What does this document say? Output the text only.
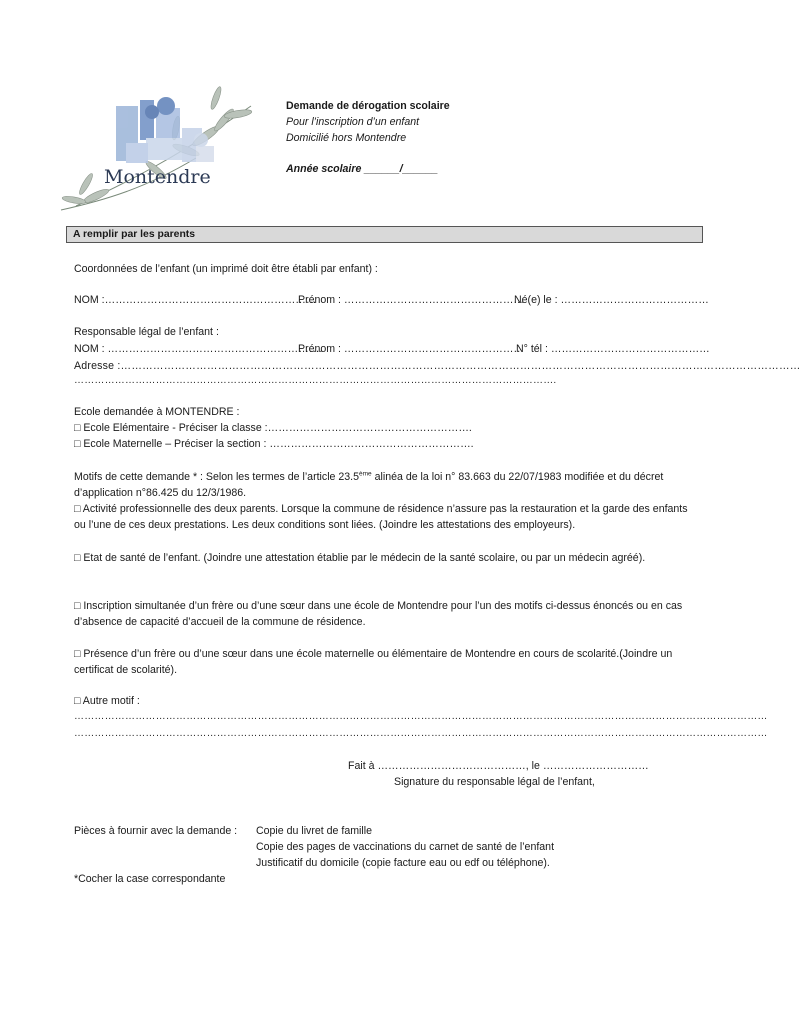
Montendre
Demande de dérogation scolaire
Pour l’inscription d’un enfant
Domicilié hors Montendre
Année scolaire ______/______
A remplir par les parents
Coordonnées de l’enfant (un imprimé doit être établi par enfant) :
NOM :……………………………………………………
Prénom : ……………………………………………
Né(e) le : ……………………………………
Responsable légal de l’enfant :
NOM : …………………………………………………….
Prénom : ……………………………………………
N° tél : ………………………………………
Adresse :………………………………………………………………………………………………………………………………………………………………………
…………………………………………………………………………………………………………………………….
Ecole demandée à MONTENDRE :
□ Ecole Elémentaire - Préciser la classe :………………………………………………….
□ Ecole Maternelle – Préciser la section : ………………………………………………….
Motifs de cette demande * : Selon les termes de l’article 23.5ème alinéa de la loi n° 83.663 du 22/07/1983 modifiée et du décret d’application n°86.425 du 12/3/1986.
□ Activité professionnelle des deux parents. Lorsque la commune de résidence n’assure pas la restauration et la garde des enfants ou l’une de ces deux prestations. Les deux conditions sont liées. (Joindre les attestations des employeurs).
□ Etat de santé de l’enfant. (Joindre une attestation établie par le médecin de la santé scolaire, ou par un médecin agréé).
□ Inscription simultanée d’un frère ou d’une sœur dans une école de Montendre pour l’un des motifs ci-dessus énoncés ou en cas d’absence de capacité d’accueil de la commune de résidence.
□ Présence d’un frère ou d’une sœur dans une école maternelle ou élémentaire de Montendre en cours de scolarité.(Joindre un certificat de scolarité).
□ Autre motif :
……………………………………………………………………………………………………………………………………………………………………………………
……………………………………………………………………………………………………………………………………………………………………………………
Fait à ……………………………………, le …………………………
Signature du responsable légal de l’enfant,
Pièces à fournir avec la demande : Copie du livret de famille
Copie des pages de vaccinations du carnet de santé de l’enfant
Justificatif du domicile (copie facture eau ou edf ou téléphone).
*Cocher la case correspondante
